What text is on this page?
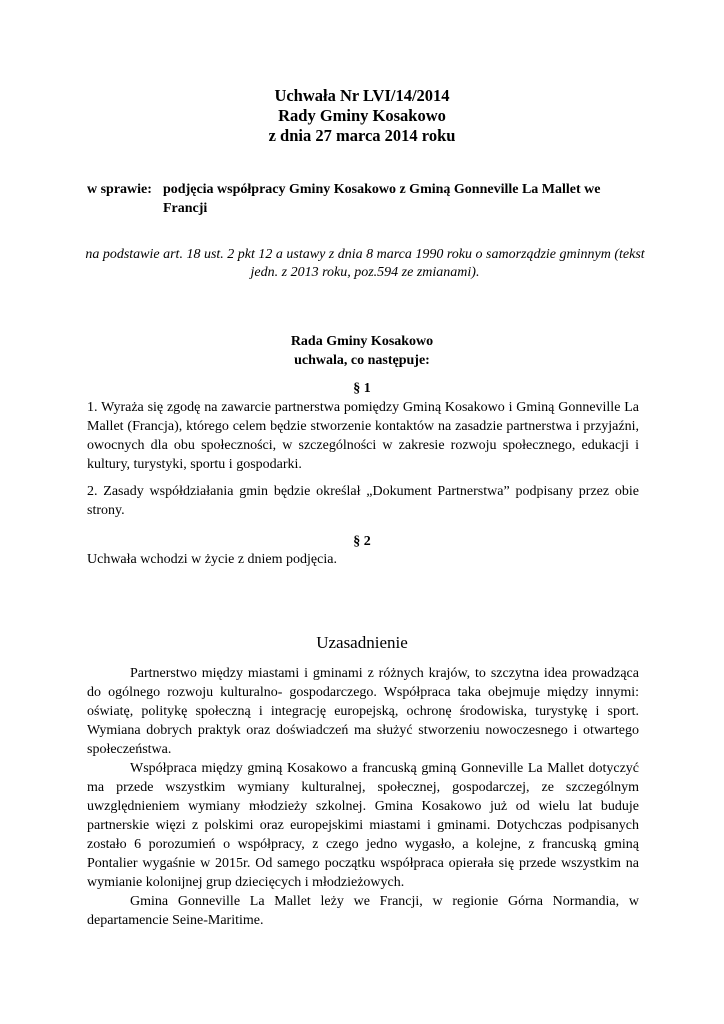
Uchwała Nr LVI/14/2014
Rady Gminy Kosakowo
z dnia 27 marca 2014 roku
w sprawie: podjęcia współpracy Gminy Kosakowo z Gminą Gonneville La Mallet we Francji
na podstawie art. 18 ust. 2 pkt 12 a ustawy z dnia 8 marca 1990 roku o samorządzie gminnym (tekst jedn. z 2013 roku, poz.594 ze zmianami).
Rada Gminy Kosakowo
uchwala, co następuje:
§ 1
1. Wyraża się zgodę na zawarcie partnerstwa pomiędzy Gminą Kosakowo i Gminą Gonneville La Mallet (Francja), którego celem będzie stworzenie kontaktów na zasadzie partnerstwa i przyjaźni, owocnych dla obu społeczności, w szczególności w zakresie rozwoju społecznego, edukacji i kultury, turystyki, sportu i gospodarki.
2. Zasady współdziałania gmin będzie określał „Dokument Partnerstwa” podpisany przez obie strony.
§ 2
Uchwała wchodzi w życie z dniem podjęcia.
Uzasadnienie

Partnerstwo między miastami i gminami z różnych krajów, to szczytna idea prowadząca do ogólnego rozwoju kulturalno- gospodarczego. Współpraca taka obejmuje między innymi: oświatę, politykę społeczną i integrację europejską, ochronę środowiska, turystykę i sport. Wymiana dobrych praktyk oraz doświadczeń ma służyć stworzeniu nowoczesnego i otwartego społeczeństwa.

Współpraca między gminą Kosakowo a francuską gminą Gonneville La Mallet dotyczyć ma przede wszystkim wymiany kulturalnej, społecznej, gospodarczej, ze szczególnym uwzględnieniem wymiany młodzieży szkolnej. Gmina Kosakowo już od wielu lat buduje partnerskie więzi z polskimi oraz europejskimi miastami i gminami. Dotychczas podpisanych zostało 6 porozumień o współpracy, z czego jedno wygasło, a kolejne, z francuską gminą Pontalier wygaśnie w 2015r. Od samego początku współpraca opierała się przede wszystkim na wymianie kolonijnej grup dziecięcych i młodzieżowych.

Gmina Gonneville La Mallet leży we Francji, w regionie Górna Normandia, w departamencie Seine-Maritime.
